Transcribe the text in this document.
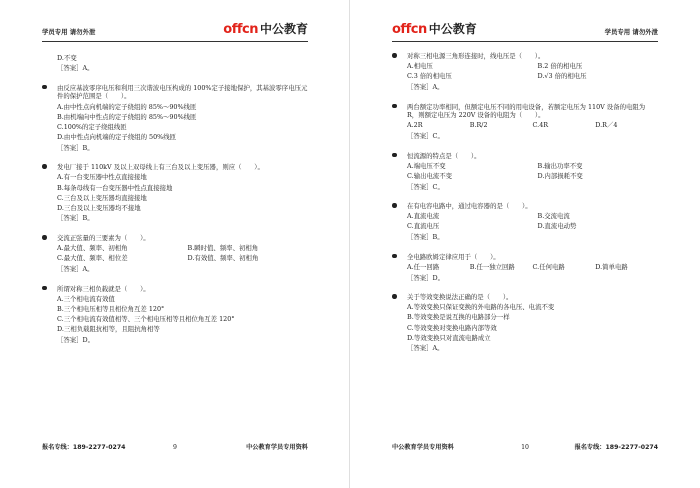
学员专用 请勿外泄	offcn 中公教育
D.不变
［答案］A。
由反应基波零序电压和利用三次谐波电压构成的 100%定子接地保护，其基波零序电压元件的保护范围是（　　）。
A.由中性点向机端的定子绕组的 85%～90%线匝
B.由机端向中性点的定子绕组的 85%～90%线匝
C.100%的定子绕组线匝
D.由中性点向机端的定子绕组的 50%线匝
［答案］B。
发电厂接于 110kV 及以上双母线上有三台及以上变压器，则应（　　）。
A.有一台变压器中性点直接接地
B.每条母线有一台变压器中性点直接接地
C.三台及以上变压器均直接接地
D.三台及以上变压器均不接地
［答案］B。
交流正弦量的三要素为（　　）。
A.最大值、频率、初相角	B.瞬时值、频率、初相角
C.最大值、频率、相位差	D.有效值、频率、初相角
［答案］A。
所谓对称三相负载就是（　　）。
A.三个相电流有效值
B.三个相电压相等且相位角互差 120°
C.三个相电流有效值相等、三个相电压相等且相位角互差 120°
D.三相负载阻抗相等，且阻抗角相等
［答案］D。
报名专线：189-2277-0274	9	中公教育学员专用资料
offcn 中公教育	学员专用 请勿外泄
对称三相电源三角形连接时，线电压是（　　）。
A.相电压	B.2 倍的相电压
C.3 倍的相电压	D.√3 倍的相电压
［答案］A。
两台额定功率相同，但额定电压不同的用电设备，若额定电压为 110V 设备的电阻为 R，则额定电压为 220V 设备的电阻为（　　）。
A.2R	B.R/2	C.4R	D.R／4
［答案］C。
恒流源的特点是（　　）。
A.端电压不变	B.输出功率不变
C.输出电流不变	D.内部损耗不变
［答案］C。
在有电容电路中，通过电容器的是（　　）。
A.直流电流	B.交流电流
C.直流电压	D.直流电动势
［答案］B。
全电路欧姆定律应用于（　　）。
A.任一回路	B.任一独立回路	C.任何电路	D.简单电路
［答案］D。
关于等效变换说法正确的是（　　）。
A.等效变换只保证变换的外电路的各电压、电流不变
B.等效变换是说互换的电路部分一样
C.等效变换对变换电路内部等效
D.等效变换只对直流电路成立
［答案］A。
中公教育学员专用资料	10	报名专线：189-2277-0274
